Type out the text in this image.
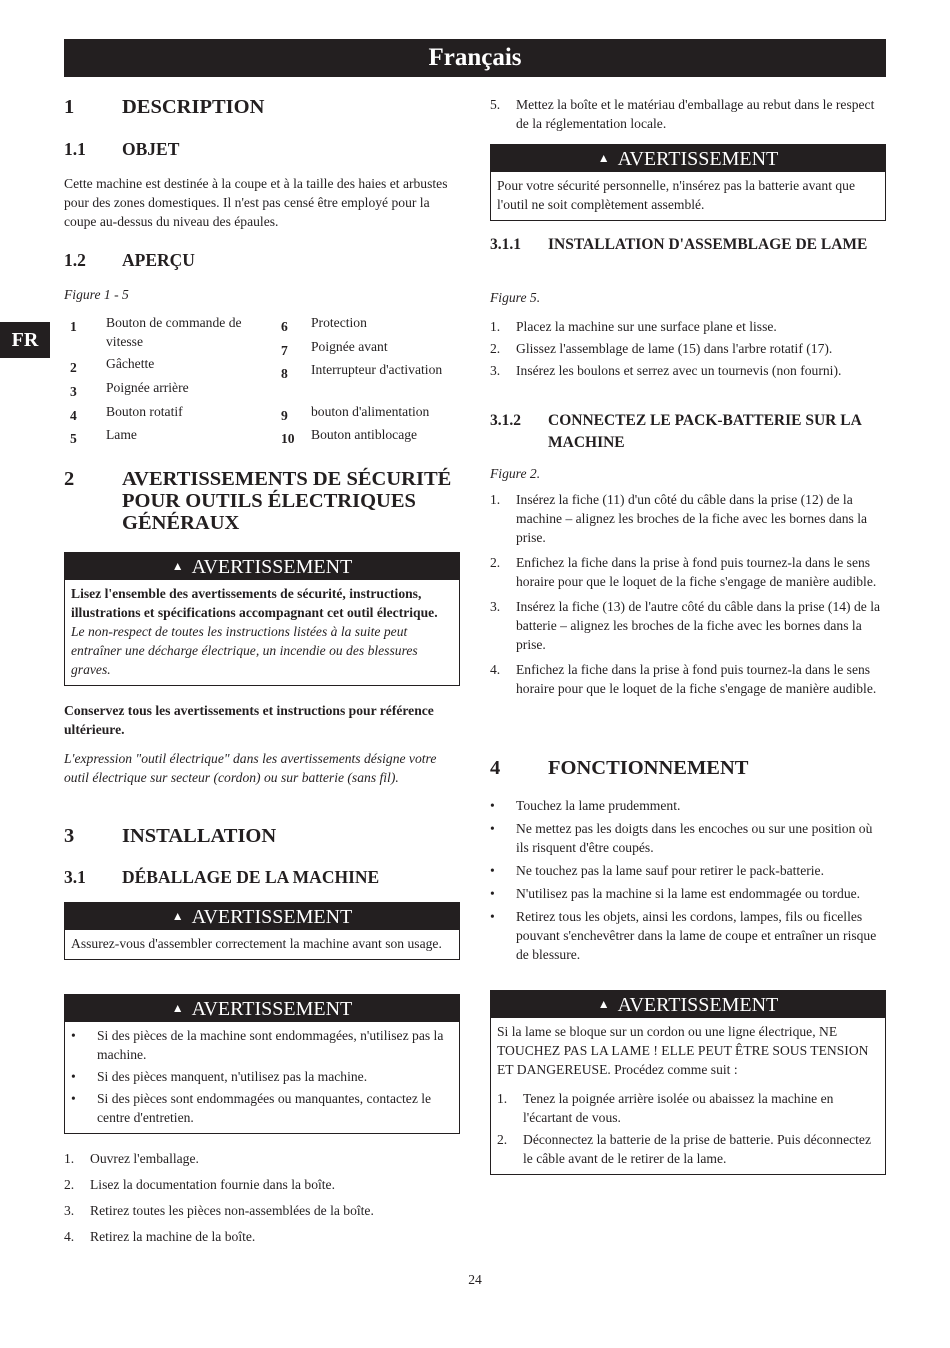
Français
FR
1	DESCRIPTION
1.1	OBJET
Cette machine est destinée à la coupe et à la taille des haies et arbustes pour des zones domestiques. Il n'est pas censé être employé pour la coupe au-dessus du niveau des épaules.
1.2	APERÇU
Figure 1 - 5
1	Bouton de commande de vitesse
2	Gâchette
3	Poignée arrière
4	Bouton rotatif
5	Lame
6	Protection
7	Poignée avant
8	Interrupteur d'activation
9	bouton d'alimentation
10	Bouton antiblocage
2	AVERTISSEMENTS DE SÉCURITÉ POUR OUTILS ÉLECTRIQUES GÉNÉRAUX
▲ AVERTISSEMENT
Lisez l'ensemble des avertissements de sécurité, instructions, illustrations et spécifications accompagnant cet outil électrique. Le non-respect de toutes les instructions listées à la suite peut entraîner une décharge électrique, un incendie ou des blessures graves.
Conservez tous les avertissements et instructions pour référence ultérieure.
L'expression "outil électrique" dans les avertissements désigne votre outil électrique sur secteur (cordon) ou sur batterie (sans fil).
3	INSTALLATION
3.1	DÉBALLAGE DE LA MACHINE
▲ AVERTISSEMENT
Assurez-vous d'assembler correctement la machine avant son usage.
▲ AVERTISSEMENT
•	Si des pièces de la machine sont endommagées, n'utilisez pas la machine.
•	Si des pièces manquent, n'utilisez pas la machine.
•	Si des pièces sont endommagées ou manquantes, contactez le centre d'entretien.
1.	Ouvrez l'emballage.
2.	Lisez la documentation fournie dans la boîte.
3.	Retirez toutes les pièces non-assemblées de la boîte.
4.	Retirez la machine de la boîte.
5.	Mettez la boîte et le matériau d'emballage au rebut dans le respect de la réglementation locale.
▲ AVERTISSEMENT
Pour votre sécurité personnelle, n'insérez pas la batterie avant que l'outil ne soit complètement assemblé.
3.1.1	INSTALLATION D'ASSEMBLAGE DE LAME
Figure 5.
1.	Placez la machine sur une surface plane et lisse.
2.	Glissez l'assemblage de lame (15) dans l'arbre rotatif (17).
3.	Insérez les boulons et serrez avec un tournevis (non fourni).
3.1.2	CONNECTEZ LE PACK-BATTERIE SUR LA MACHINE
Figure 2.
1.	Insérez la fiche (11) d'un côté du câble dans la prise (12) de la machine – alignez les broches de la fiche avec les bornes dans la prise.
2.	Enfichez la fiche dans la prise à fond puis tournez-la dans le sens horaire pour que le loquet de la fiche s'engage de manière audible.
3.	Insérez la fiche (13) de l'autre côté du câble dans la prise (14) de la batterie – alignez les broches de la fiche avec les bornes dans la prise.
4.	Enfichez la fiche dans la prise à fond puis tournez-la dans le sens horaire pour que le loquet de la fiche s'engage de manière audible.
4	FONCTIONNEMENT
•	Touchez la lame prudemment.
•	Ne mettez pas les doigts dans les encoches ou sur une position où ils risquent d'être coupés.
•	Ne touchez pas la lame sauf pour retirer le pack-batterie.
•	N'utilisez pas la machine si la lame est endommagée ou tordue.
•	Retirez tous les objets, ainsi les cordons, lampes, fils ou ficelles pouvant s'enchevêtrer dans la lame de coupe et entraîner un risque de blessure.
▲ AVERTISSEMENT
Si la lame se bloque sur un cordon ou une ligne électrique, NE TOUCHEZ PAS LA LAME ! ELLE PEUT ÊTRE SOUS TENSION ET DANGEREUSE. Procédez comme suit :
1.	Tenez la poignée arrière isolée ou abaissez la machine en l'écartant de vous.
2.	Déconnectez la batterie de la prise de batterie. Puis déconnectez le câble avant de le retirer de la lame.
24
